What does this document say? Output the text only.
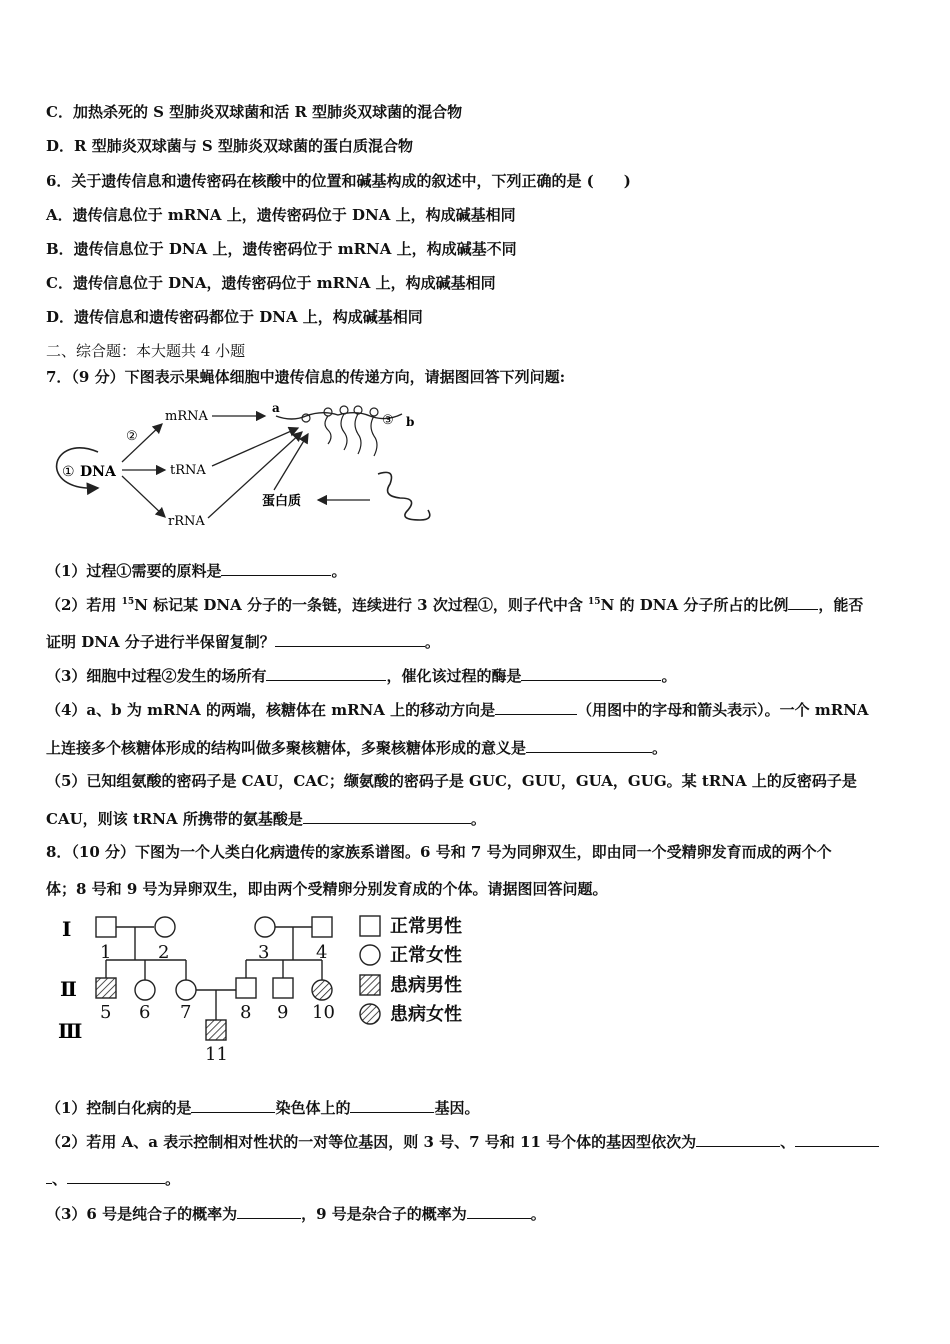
C．加热杀死的 S 型肺炎双球菌和活 R 型肺炎双球菌的混合物
D．R 型肺炎双球菌与 S 型肺炎双球菌的蛋白质混合物
6．关于遗传信息和遗传密码在核酸中的位置和碱基构成的叙述中，下列正确的是 (　　)
A．遗传信息位于 mRNA 上，遗传密码位于 DNA 上，构成碱基相同
B．遗传信息位于 DNA 上，遗传密码位于 mRNA 上，构成碱基不同
C．遗传信息位于 DNA，遗传密码位于 mRNA 上，构成碱基相同
D．遗传信息和遗传密码都位于 DNA 上，构成碱基相同
二、综合题：本大题共 4 小题
7．（9 分）下图表示果蝇体细胞中遗传信息的传递方向，请据图回答下列问题:
① DNA
②
mRNA
tRNA
rRNA
a
③ b
蛋白质
（1）过程①需要的原料是	。
（2）若用 $^{15}$N 标记某 DNA 分子的一条链，连续进行 3 次过程①，则子代中含 $^{15}$N 的 DNA 分子所占的比例 ，能否
证明 DNA 分子进行半保留复制？	。
（3）细胞中过程②发生的场所有	，催化该过程的酶是	。
（4）a、b 为 mRNA 的两端，核糖体在 mRNA 上的移动方向是	（用图中的字母和箭头表示）。一个 mRNA
上连接多个核糖体形成的结构叫做多聚核糖体，多聚核糖体形成的意义是	。
（5）已知组氨酸的密码子是 CAU，CAC；缬氨酸的密码子是 GUC，GUU，GUA，GUG。某 tRNA 上的反密码子是
CAU，则该 tRNA 所携带的氨基酸是	。
8．（10 分）下图为一个人类白化病遗传的家族系谱图。6 号和 7 号为同卵双生，即由同一个受精卵发育而成的两个个
体；8 号和 9 号为异卵双生，即由两个受精卵分别发育成的个体。请据图回答问题。
Ⅰ
Ⅱ
Ⅲ
1	2	3	4
5 6 7	8 9 10
11
正常男性
正常女性
患病男性
患病女性
（1）控制白化病的是	染色体上的	基因。
（2）若用 A、a 表示控制相对性状的一对等位基因，则 3 号、7 号和 11 号个体的基因型依次为	、
、	。
（3）6 号是纯合子的概率为	，9 号是杂合子的概率为	。
